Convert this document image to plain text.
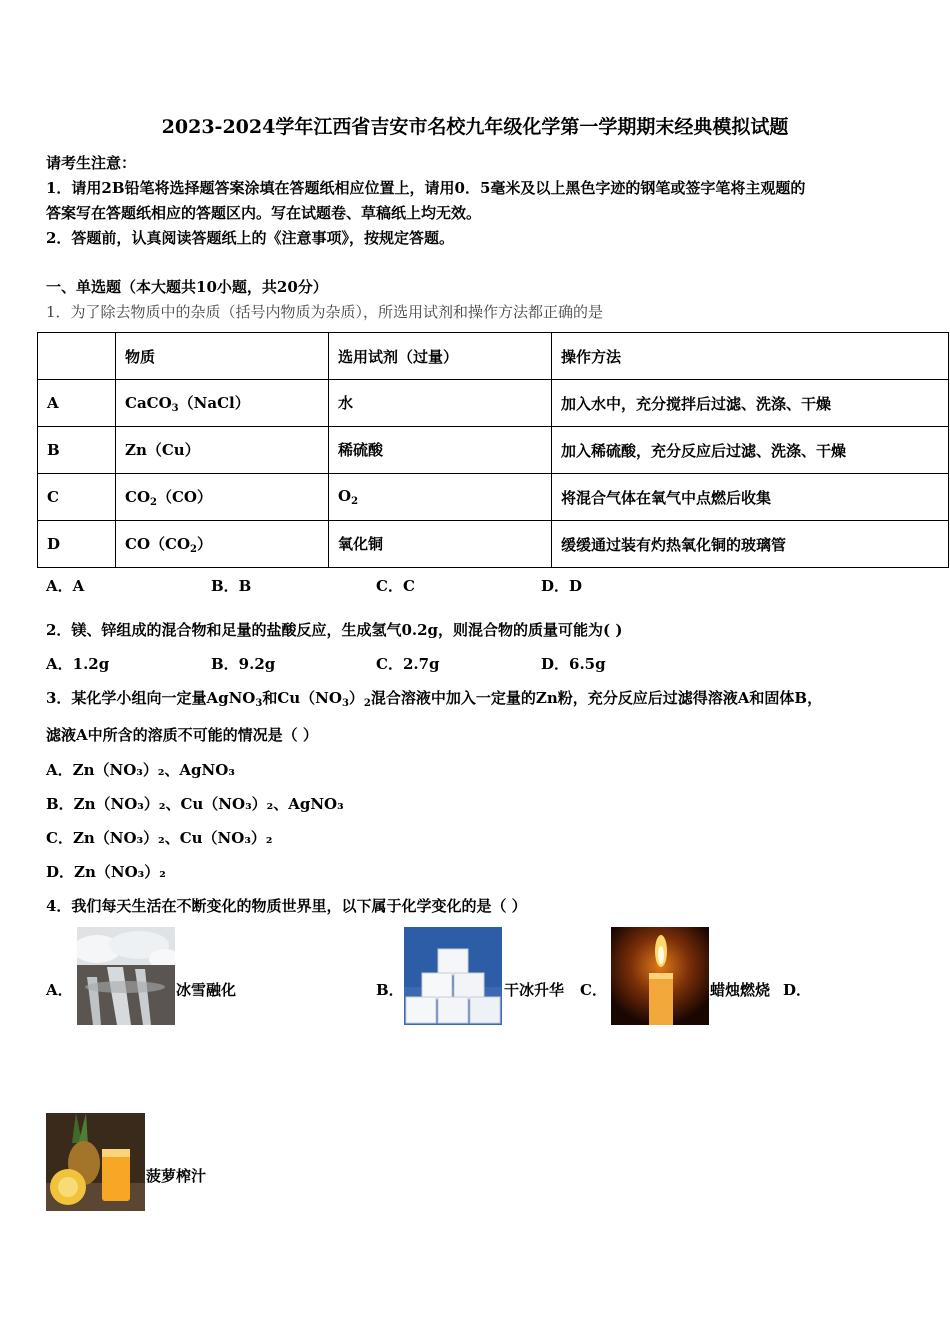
2023-2024学年江西省吉安市名校九年级化学第一学期期末经典模拟试题
请考生注意：
1．请用2B铅笔将选择题答案涂填在答题纸相应位置上，请用0．5毫米及以上黑色字迹的钢笔或签字笔将主观题的
答案写在答题纸相应的答题区内。写在试题卷、草稿纸上均无效。
2．答题前，认真阅读答题纸上的《注意事项》，按规定答题。
一、单选题（本大题共10小题，共20分）
1．为了除去物质中的杂质（括号内物质为杂质），所选用试剂和操作方法都正确的是
	物质	选用试剂（过量）	操作方法
A	CaCO$_3$（NaCl）	水	加入水中，充分搅拌后过滤、洗涤、干燥
B	Zn（Cu）	稀硫酸	加入稀硫酸，充分反应后过滤、洗涤、干燥
C	$CO_2(CO)$	$O_2$	将混合气体在氧气中点燃后收集
D	$CO(CO_2)$	氧化铜	缓缓通过装有灼热氧化铜的玻璃管
A．A	B．B	C．C	D．D
2．镁、锌组成的混合物和足量的盐酸反应，生成氢气0.2g，则混合物的质量可能为( )
A．1.2g	B．9.2g	C．2.7g	D．6.5g
3．某化学小组向一定量AgNO$_3$和$Cu(NO_3)_2$混合溶液中加入一定量的Zn粉，充分反应后过滤得溶液A和固体B，
滤液A中所含的溶质不可能的情况是（ ）
A．Zn（NO₃）₂、AgNO₃
B．Zn（NO₃）₂、Cu（NO₃）₂、AgNO₃
C．Zn（NO₃）₂、Cu（NO₃）₂
D．Zn（NO₃）₂
4．我们每天生活在不断变化的物质世界里，以下属于化学变化的是（ ）
A．	冰雪融化	B．	干冰升华 C．	蜡烛燃烧 D．
菠萝榨汁
